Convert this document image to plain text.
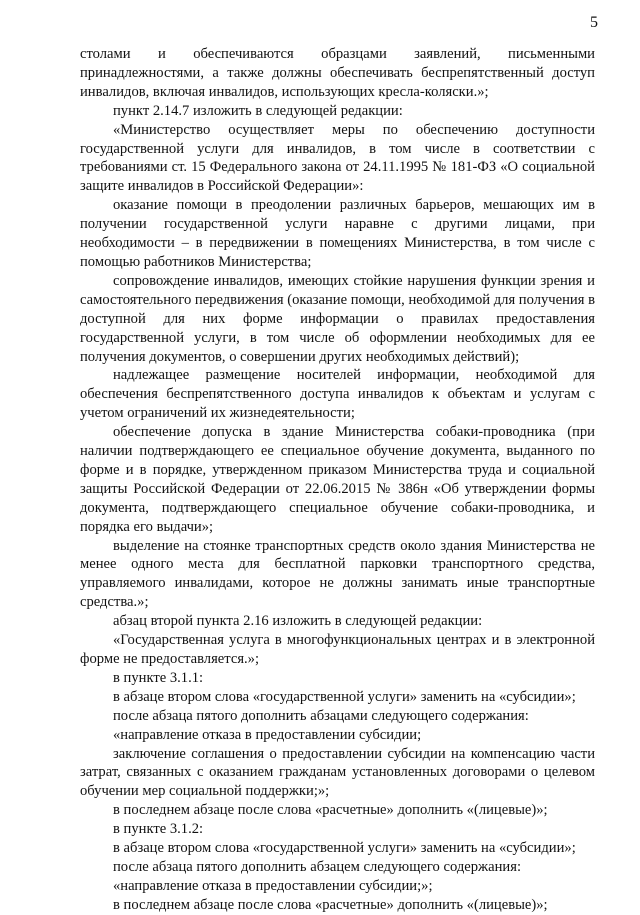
5

столами и обеспечиваются образцами заявлений, письменными принадлежностями, а также должны обеспечивать беспрепятственный доступ инвалидов, включая инвалидов, использующих кресла-коляски.»;

пункт 2.14.7 изложить в следующей редакции:

«Министерство осуществляет меры по обеспечению доступности государственной услуги для инвалидов, в том числе в соответствии с требованиями ст. 15 Федерального закона от 24.11.1995 № 181-ФЗ «О социальной защите инвалидов в Российской Федерации»:

оказание помощи в преодолении различных барьеров, мешающих им в получении государственной услуги наравне с другими лицами, при необходимости – в передвижении в помещениях Министерства, в том числе с помощью работников Министерства;

сопровождение инвалидов, имеющих стойкие нарушения функции зрения и самостоятельного передвижения (оказание помощи, необходимой для получения в доступной для них форме информации о правилах предоставления государственной услуги, в том числе об оформлении необходимых для ее получения документов, о совершении других необходимых действий);

надлежащее размещение носителей информации, необходимой для обеспечения беспрепятственного доступа инвалидов к объектам и услугам с учетом ограничений их жизнедеятельности;

обеспечение допуска в здание Министерства собаки-проводника (при наличии подтверждающего ее специальное обучение документа, выданного по форме и в порядке, утвержденном приказом Министерства труда и социальной защиты Российской Федерации от 22.06.2015 № 386н «Об утверждении формы документа, подтверждающего специальное обучение собаки-проводника, и порядка его выдачи»;

выделение на стоянке транспортных средств около здания Министерства не менее одного места для бесплатной парковки транспортного средства, управляемого инвалидами, которое не должны занимать иные транспортные средства.»;

абзац второй пункта 2.16 изложить в следующей редакции:

«Государственная услуга в многофункциональных центрах и в электронной форме не предоставляется.»;

в пункте 3.1.1:

в абзаце втором слова «государственной услуги» заменить на «субсидии»;

после абзаца пятого дополнить абзацами следующего содержания:

«направление отказа в предоставлении субсидии;

заключение соглашения о предоставлении субсидии на компенсацию части затрат, связанных с оказанием гражданам установленных договорами о целевом обучении мер социальной поддержки;»;

в последнем абзаце после слова «расчетные» дополнить «(лицевые)»;

в пункте 3.1.2:

в абзаце втором слова «государственной услуги» заменить на «субсидии»;

после абзаца пятого дополнить абзацем следующего содержания:

«направление отказа в предоставлении субсидии;»;

в последнем абзаце после слова «расчетные» дополнить «(лицевые)»;
